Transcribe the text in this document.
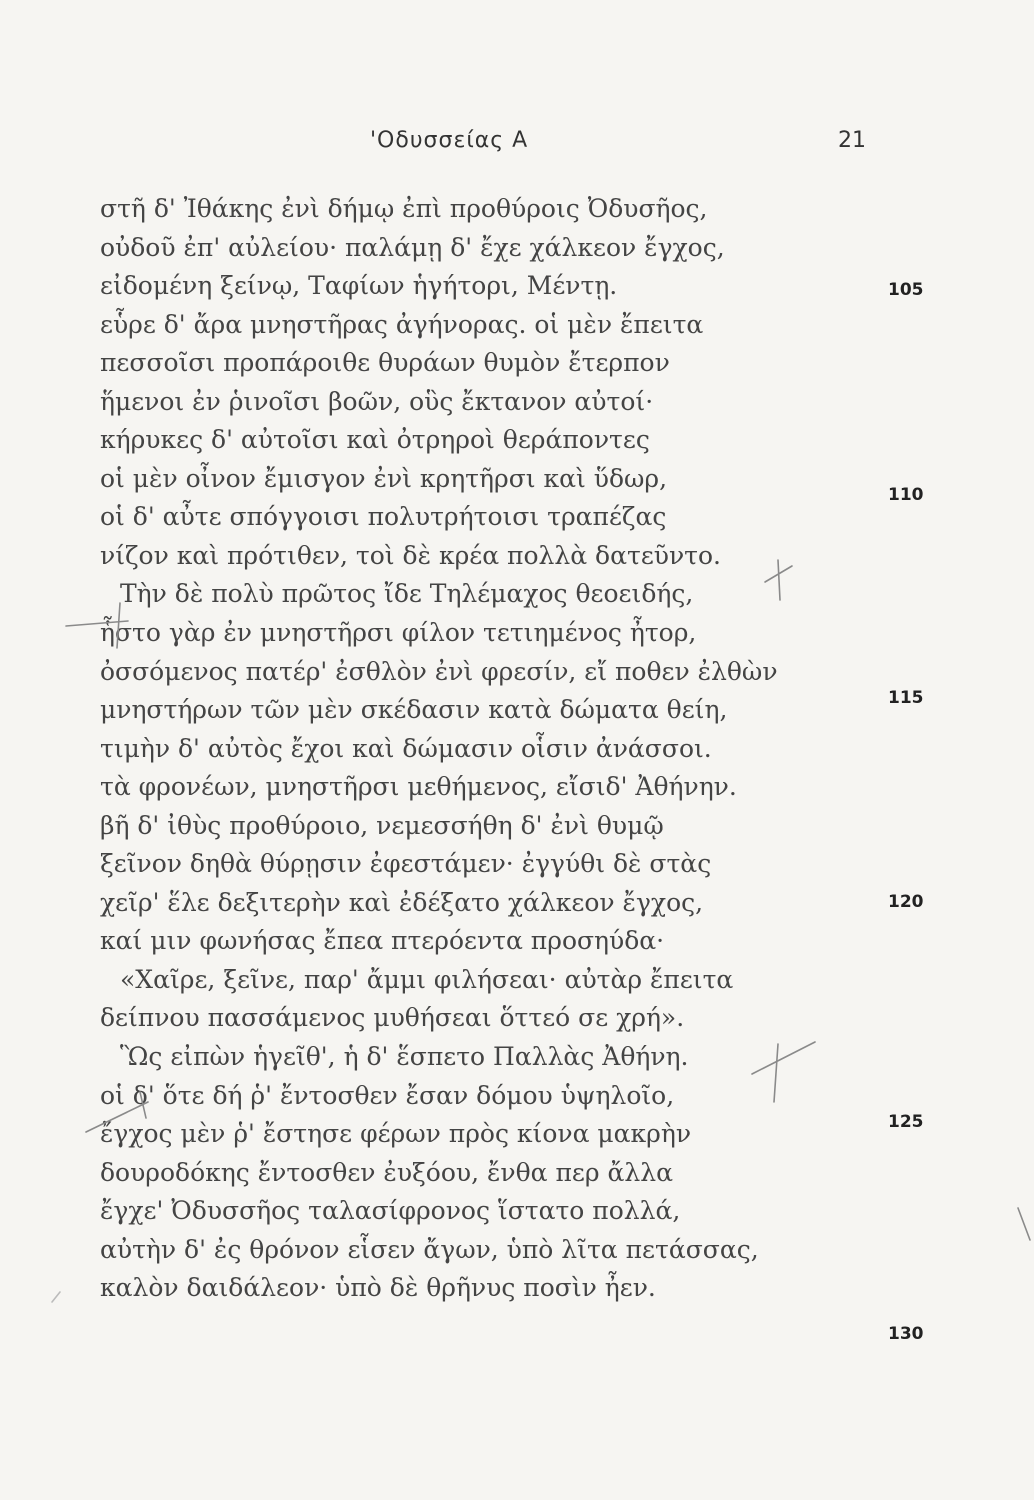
'Οδυσσείας Α	21
στῆ δ' Ἰθάκης ἐνὶ δήμῳ ἐπὶ προθύροις Ὀδυσῆος,
οὐδοῦ ἐπ' αὐλείου· παλάμῃ δ' ἔχε χάλκεον ἔγχος,
εἰδομένη ξείνῳ, Ταφίων ἡγήτορι, Μέντῃ.
εὗρε δ' ἄρα μνηστῆρας ἀγήνορας. οἱ μὲν ἔπειτα
πεσσοῖσι προπάροιθε θυράων θυμὸν ἔτερπον
ἥμενοι ἐν ῥινοῖσι βοῶν, οὓς ἔκτανον αὐτοί·
κήρυκες δ' αὐτοῖσι καὶ ὀτρηροὶ θεράποντες
οἱ μὲν οἶνον ἔμισγον ἐνὶ κρητῆρσι καὶ ὕδωρ,
οἱ δ' αὖτε σπόγγοισι πολυτρήτοισι τραπέζας
νίζον καὶ πρότιθεν, τοὶ δὲ κρέα πολλὰ δατεῦντο.
Τὴν δὲ πολὺ πρῶτος ἴδε Τηλέμαχος θεοειδής,
ἧστο γὰρ ἐν μνηστῆρσι φίλον τετιημένος ἦτορ,
ὀσσόμενος πατέρ' ἐσθλὸν ἐνὶ φρεσίν, εἴ ποθεν ἐλθὼν
μνηστήρων τῶν μὲν σκέδασιν κατὰ δώματα θείη,
τιμὴν δ' αὐτὸς ἔχοι καὶ δώμασιν οἷσιν ἀνάσσοι.
τὰ φρονέων, μνηστῆρσι μεθήμενος, εἴσιδ' Ἀθήνην.
βῆ δ' ἰθὺς προθύροιο, νεμεσσήθη δ' ἐνὶ θυμῷ
ξεῖνον δηθὰ θύρῃσιν ἐφεστάμεν· ἐγγύθι δὲ στὰς
χεῖρ' ἕλε δεξιτερὴν καὶ ἐδέξατο χάλκεον ἔγχος,
καί μιν φωνήσας ἔπεα πτερόεντα προσηύδα·
«Χαῖρε, ξεῖνε, παρ' ἄμμι φιλήσεαι· αὐτὰρ ἔπειτα
δείπνου πασσάμενος μυθήσεαι ὅττεό σε χρή».
Ὣς εἰπὼν ἡγεῖθ', ἡ δ' ἕσπετο Παλλὰς Ἀθήνη.
οἱ δ' ὅτε δή ῥ' ἔντοσθεν ἔσαν δόμου ὑψηλοῖο,
ἔγχος μὲν ῥ' ἔστησε φέρων πρὸς κίονα μακρὴν
δουροδόκης ἔντοσθεν ἐυξόου, ἔνθα περ ἄλλα
ἔγχε' Ὀδυσσῆος ταλασίφρονος ἵστατο πολλά,
αὐτὴν δ' ἐς θρόνον εἷσεν ἄγων, ὑπὸ λῖτα πετάσσας,
καλὸν δαιδάλεον· ὑπὸ δὲ θρῆνυς ποσὶν ἦεν.
105
110
115
120
125
130
